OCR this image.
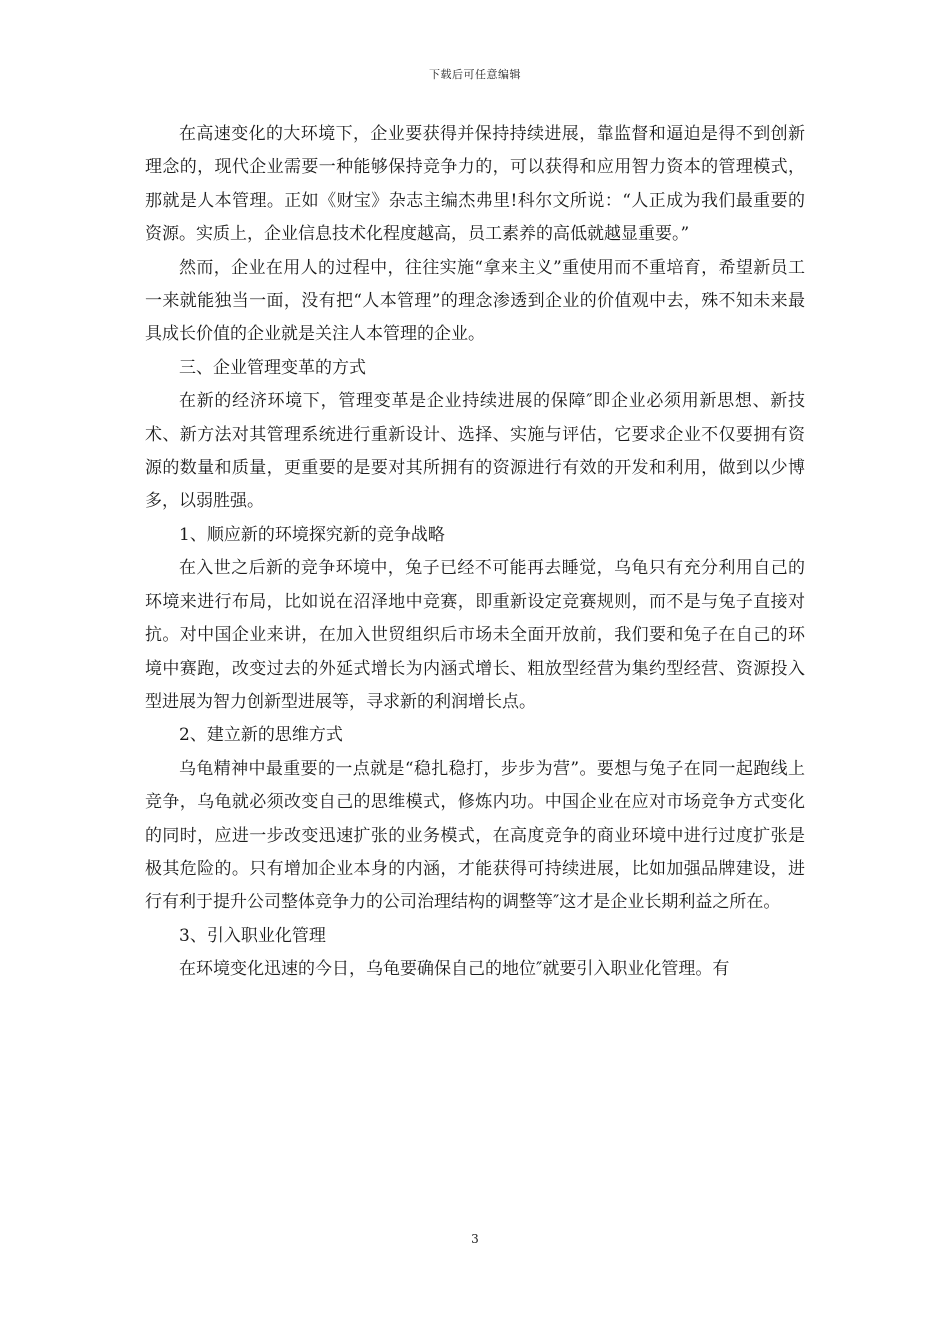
下载后可任意编辑

在高速变化的大环境下，企业要获得并保持持续进展，靠监督和逼迫是得不到创新理念的，现代企业需要一种能够保持竞争力的，可以获得和应用智力资本的管理模式，那就是人本管理。正如《财宝》杂志主编杰弗里!科尔文所说：“人正成为我们最重要的资源。实质上，企业信息技术化程度越高，员工素养的高低就越显重要。”

然而，企业在用人的过程中，往往实施“拿来主义”重使用而不重培育，希望新员工一来就能独当一面，没有把“人本管理”的理念渗透到企业的价值观中去，殊不知未来最具成长价值的企业就是关注人本管理的企业。

三、企业管理变革的方式

在新的经济环境下，管理变革是企业持续进展的保障″即企业必须用新思想、新技术、新方法对其管理系统进行重新设计、选择、实施与评估，它要求企业不仅要拥有资源的数量和质量，更重要的是要对其所拥有的资源进行有效的开发和利用，做到以少博多，以弱胜强。

1、顺应新的环境探究新的竞争战略

在入世之后新的竞争环境中，兔子已经不可能再去睡觉，乌龟只有充分利用自己的环境来进行布局，比如说在沼泽地中竞赛，即重新设定竞赛规则，而不是与兔子直接对抗。对中国企业来讲，在加入世贸组织后市场未全面开放前，我们要和兔子在自己的环境中赛跑，改变过去的外延式增长为内涵式增长、粗放型经营为集约型经营、资源投入型进展为智力创新型进展等，寻求新的利润增长点。

2、建立新的思维方式

乌龟精神中最重要的一点就是“稳扎稳打，步步为营”。要想与兔子在同一起跑线上竞争，乌龟就必须改变自己的思维模式，修炼内功。中国企业在应对市场竞争方式变化的同时，应进一步改变迅速扩张的业务模式，在高度竞争的商业环境中进行过度扩张是极其危险的。只有增加企业本身的内涵，才能获得可持续进展，比如加强品牌建设，进行有利于提升公司整体竞争力的公司治理结构的调整等″这才是企业长期利益之所在。

3、引入职业化管理

在环境变化迅速的今日，乌龟要确保自己的地位″就要引入职业化管理。有

3
